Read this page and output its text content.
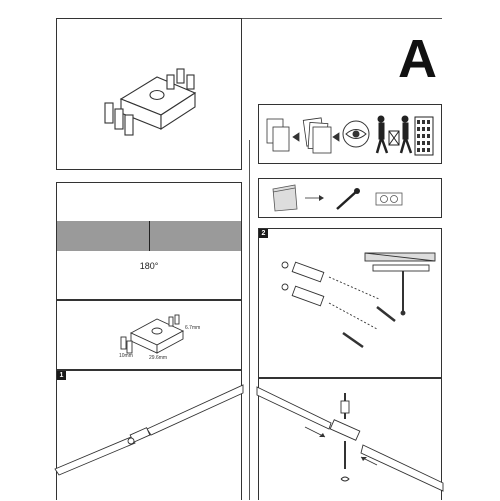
A
180°
6.7mm
10mm	29.6mm
1
2
